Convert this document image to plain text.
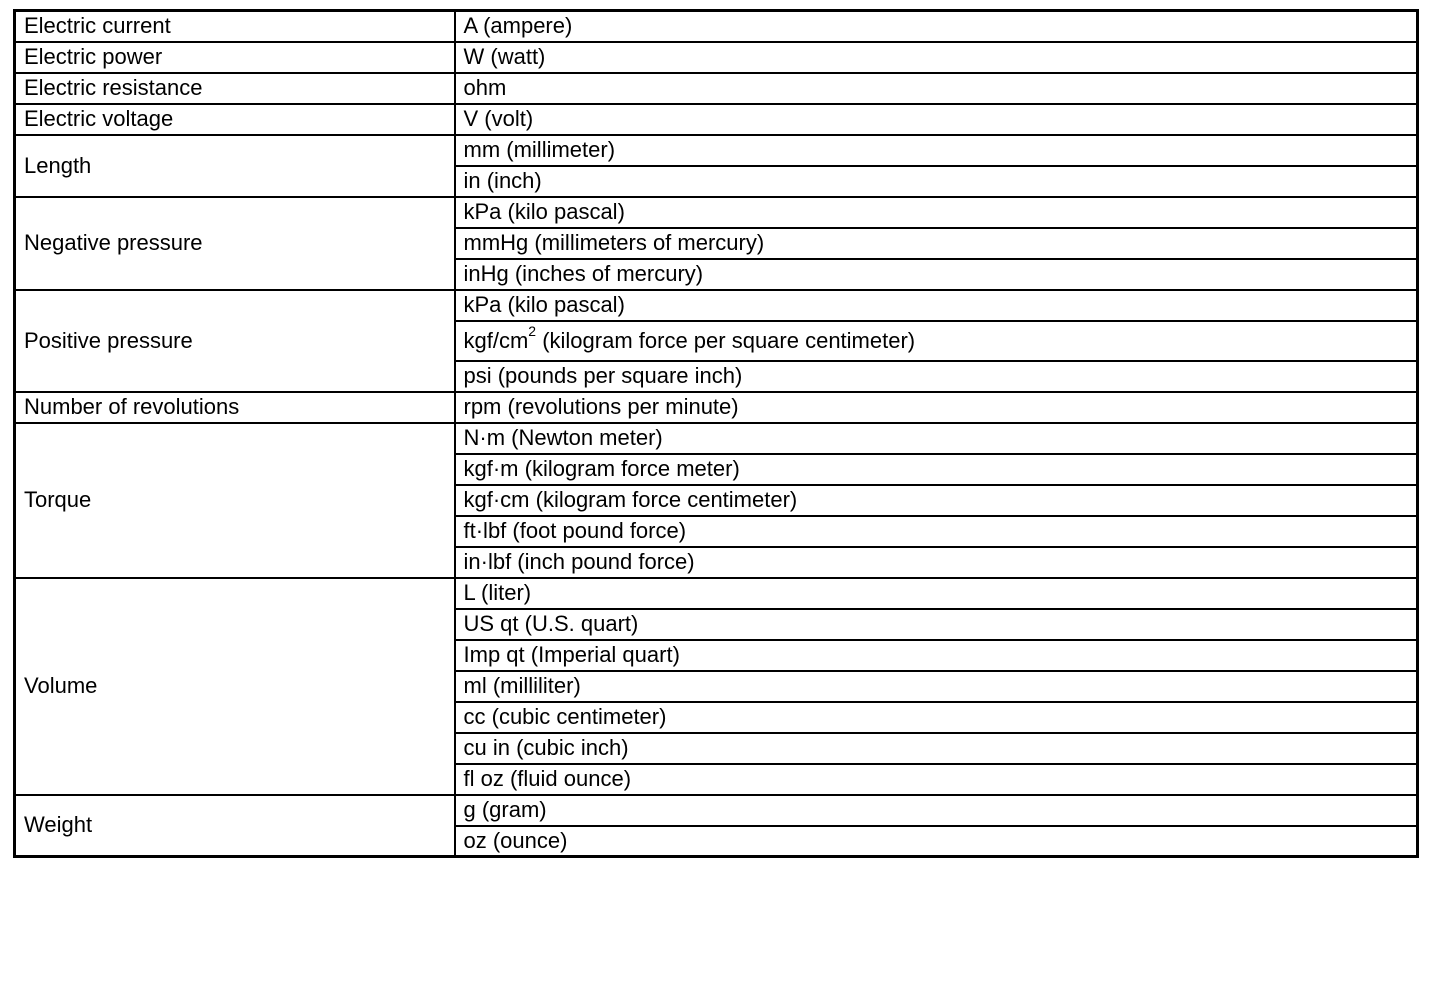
Electric current	A (ampere)
Electric power	W (watt)
Electric resistance	ohm
Electric voltage	V (volt)
Length	mm (millimeter)
	in (inch)
Negative pressure	kPa (kilo pascal)
	mmHg (millimeters of mercury)
	inHg (inches of mercury)
Positive pressure	kPa (kilo pascal)
	kgf/$cm^2$ (kilogram force per square centimeter)
	psi (pounds per square inch)
Number of revolutions	rpm (revolutions per minute)
Torque	N·m (Newton meter)
	kgf·m (kilogram force meter)
	kgf·cm (kilogram force centimeter)
	ft·lbf (foot pound force)
	in·lbf (inch pound force)
Volume	L (liter)
	US qt (U.S. quart)
	Imp qt (Imperial quart)
	ml (milliliter)
	cc (cubic centimeter)
	cu in (cubic inch)
	fl oz (fluid ounce)
Weight	g (gram)
	oz (ounce)
